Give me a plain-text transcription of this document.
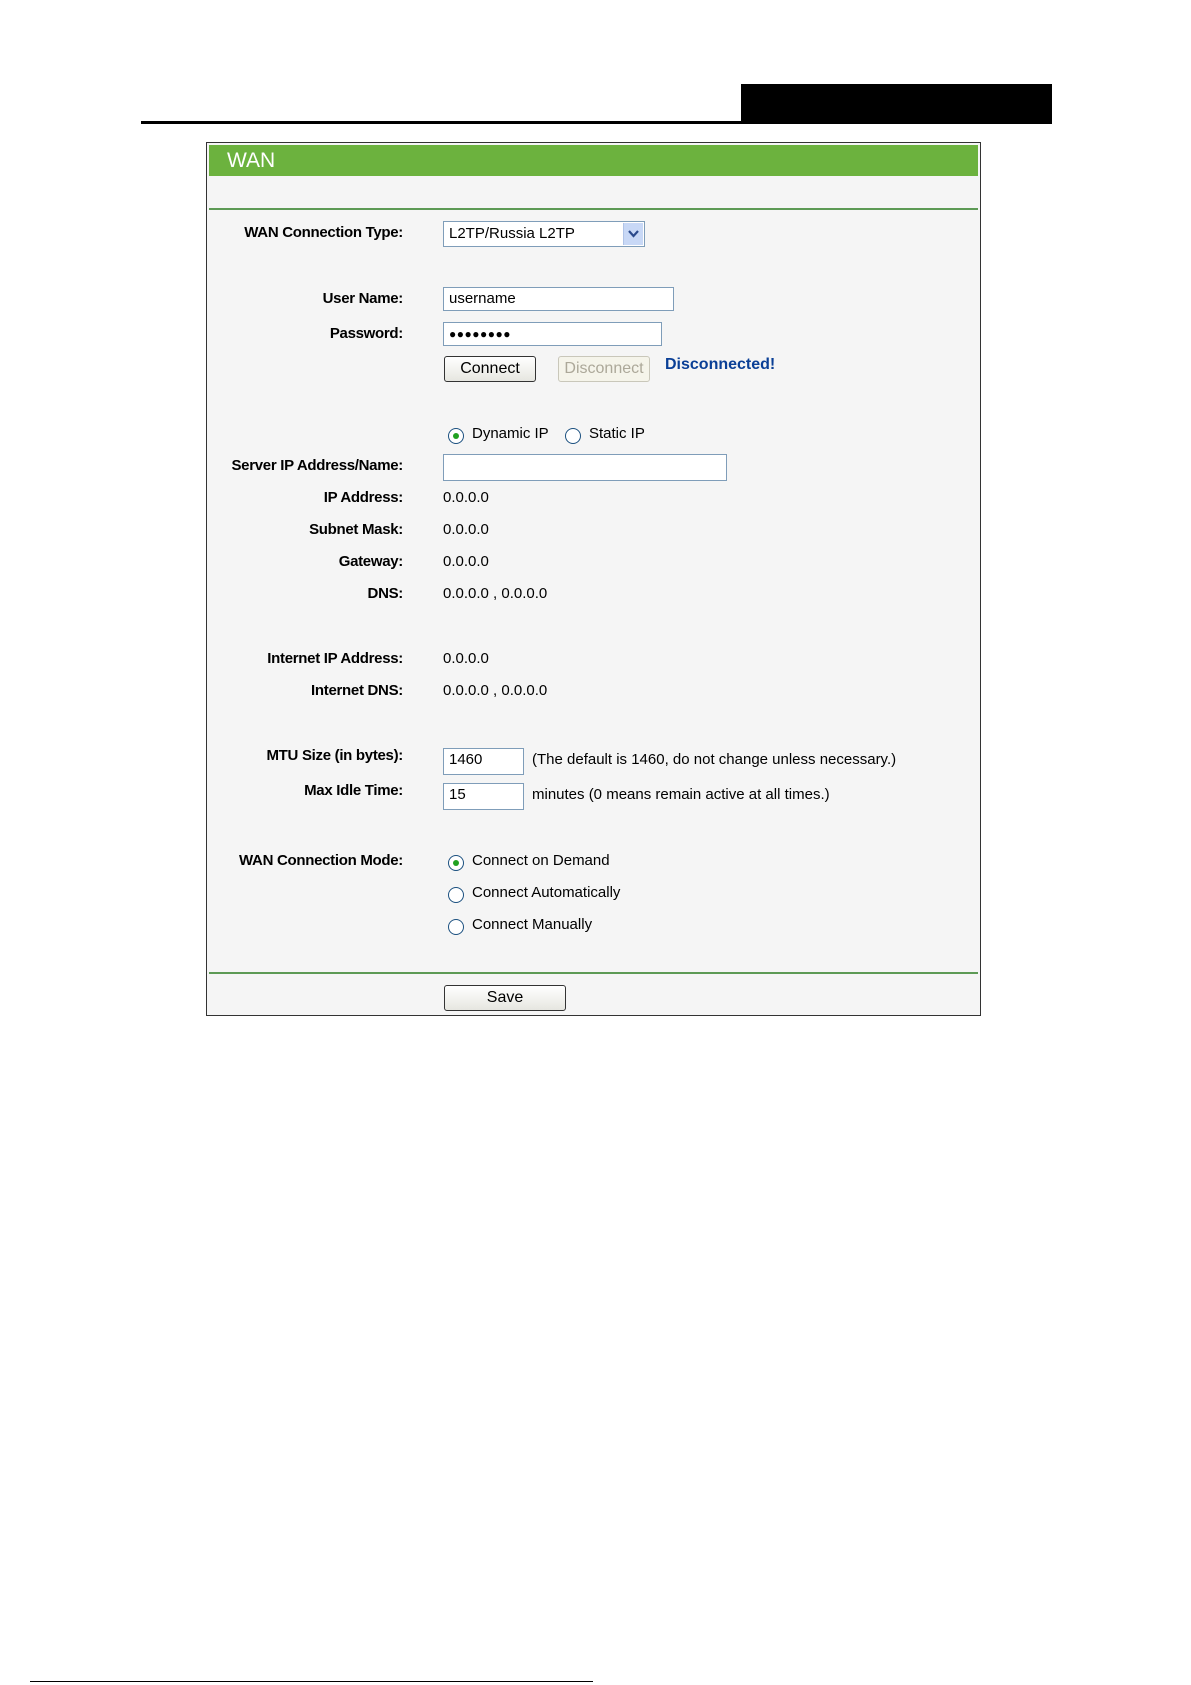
WAN
WAN Connection Type:	L2TP/Russia L2TP
User Name:	username
Password:	●●●●●●●●
Connect	Disconnect	Disconnected!
Dynamic IP	Static IP
Server IP Address/Name:
IP Address:	0.0.0.0
Subnet Mask:	0.0.0.0
Gateway:	0.0.0.0
DNS:	0.0.0.0 , 0.0.0.0
Internet IP Address:	0.0.0.0
Internet DNS:	0.0.0.0 , 0.0.0.0
MTU Size (in bytes):	1460	(The default is 1460, do not change unless necessary.)
Max Idle Time:	15	minutes (0 means remain active at all times.)
WAN Connection Mode:	Connect on Demand
Connect Automatically
Connect Manually
Save
